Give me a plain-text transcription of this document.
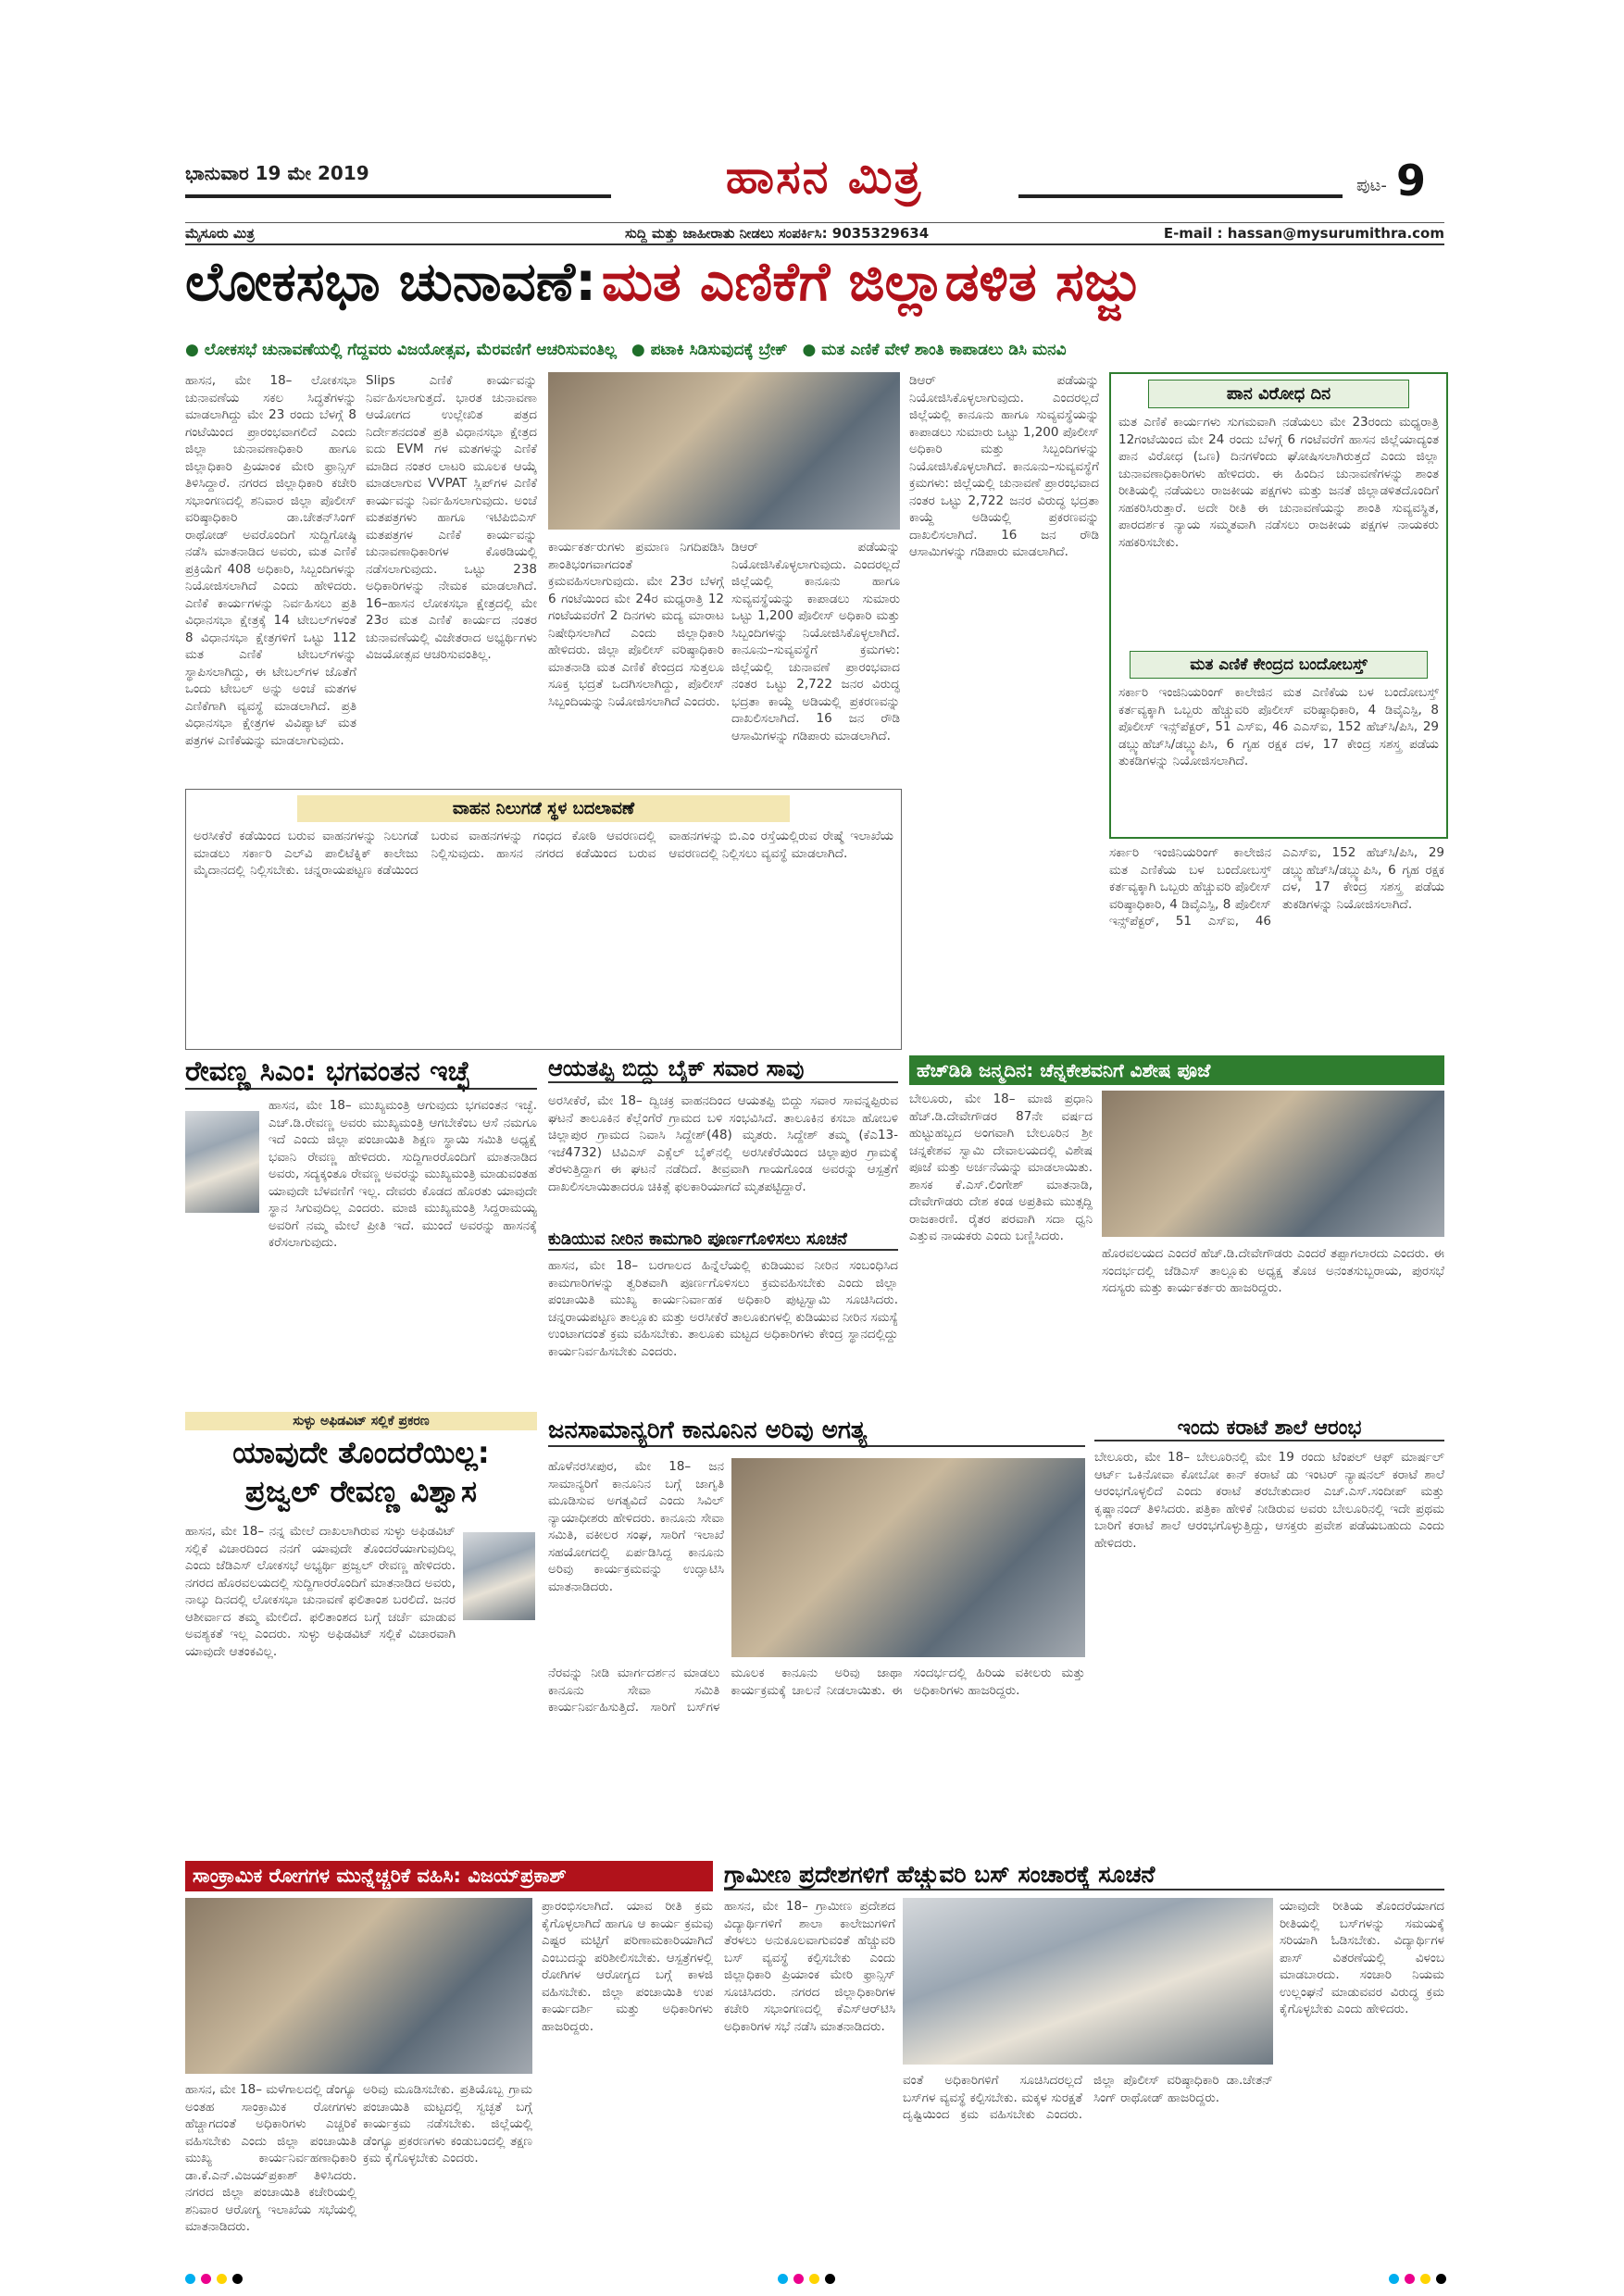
ಭಾನುವಾರ 19 ಮೇ 2019	ಹಾಸನ ಮಿತ್ರ	ಪುಟ- 9
ಮೈಸೂರು ಮಿತ್ರ	ಸುದ್ದಿ ಮತ್ತು ಜಾಹೀರಾತು ನೀಡಲು ಸಂಪರ್ಕಿಸಿ: 9035329634	E-mail : hassan@mysurumithra.com
ಲೋಕಸಭಾ ಚುನಾವಣೆ: ಮತ ಎಣಿಕೆಗೆ ಜಿಲ್ಲಾಡಳಿತ ಸಜ್ಜು
● ಲೋಕಸಭೆ ಚುನಾವಣೆಯಲ್ಲಿ ಗೆದ್ದವರು ವಿಜಯೋತ್ಸವ, ಮೆರವಣಿಗೆ ಆಚರಿಸುವಂತಿಲ್ಲ ● ಪಟಾಕಿ ಸಿಡಿಸುವುದಕ್ಕೆ ಬ್ರೇಕ್ ● ಮತ ಎಣಿಕೆ ವೇಳೆ ಶಾಂತಿ ಕಾಪಾಡಲು ಡಿಸಿ ಮನವಿ
ಹಾಸನ, ಮೇ 18– ಲೋಕಸಭಾ ಚುನಾವಣೆಯ ಸಕಲ ಸಿದ್ಧತೆಗಳನ್ನು ಮಾಡಲಾಗಿದ್ದು ಮೇ 23 ರಂದು ಬೆಳಗ್ಗೆ 8 ಗಂಟೆಯಿಂದ ಪ್ರಾರಂಭವಾಗಲಿದೆ ಎಂದು ಜಿಲ್ಲಾ ಚುನಾವಣಾಧಿಕಾರಿ ಹಾಗೂ ಜಿಲ್ಲಾಧಿಕಾರಿ ಪ್ರಿಯಾಂಕ ಮೇರಿ ಫ್ರಾನ್ಸಿಸ್ ತಿಳಿಸಿದ್ದಾರೆ. ನಗರದ ಜಿಲ್ಲಾಧಿಕಾರಿ ಕಚೇರಿ ಸಭಾಂಗಣದಲ್ಲಿ ಶನಿವಾರ ಜಿಲ್ಲಾ ಪೊಲೀಸ್ ವರಿಷ್ಠಾಧಿಕಾರಿ ಡಾ.ಚೇತನ್‌ಸಿಂಗ್ ರಾಥೋಡ್ ಅವರೊಂದಿಗೆ ಸುದ್ದಿಗೋಷ್ಠಿ ನಡೆಸಿ ಮಾತನಾಡಿದ ಅವರು, ಮತ ಎಣಿಕೆ ಪ್ರಕ್ರಿಯೆಗೆ 408 ಅಧಿಕಾರಿ, ಸಿಬ್ಬಂದಿಗಳನ್ನು ನಿಯೋಜಿಸಲಾಗಿದೆ ಎಂದು ಹೇಳಿದರು. ಎಣಿಕೆ ಕಾರ್ಯಗಳನ್ನು ನಿರ್ವಹಿಸಲು ಪ್ರತಿ ವಿಧಾನಸಭಾ ಕ್ಷೇತ್ರಕ್ಕೆ 14 ಟೇಬಲ್‌ಗಳಂತೆ 8 ವಿಧಾನಸಭಾ ಕ್ಷೇತ್ರಗಳಿಗೆ ಒಟ್ಟು 112 ಮತ ಎಣಿಕೆ ಟೇಬಲ್‌ಗಳನ್ನು ಸ್ಥಾಪಿಸಲಾಗಿದ್ದು, ಈ ಟೇಬಲ್‌ಗಳ ಜೊತೆಗೆ ಒಂದು ಟೇಬಲ್ ಅನ್ನು ಅಂಚೆ ಮತಗಳ ಎಣಿಕೆಗಾಗಿ ವ್ಯವಸ್ಥೆ ಮಾಡಲಾಗಿದೆ. ಪ್ರತಿ ವಿಧಾನಸಭಾ ಕ್ಷೇತ್ರಗಳ ವಿವಿಪ್ಯಾಟ್ ಮತ ಪತ್ರಗಳ ಎಣಿಕೆಯನ್ನು ಮಾಡಲಾಗುವುದು.
Slips ಎಣಿಕೆ ಕಾರ್ಯವನ್ನು ನಿರ್ವಹಿಸಲಾಗುತ್ತದೆ. ಭಾರತ ಚುನಾವಣಾ ಆಯೋಗದ ಉಲ್ಲೇಖಿತ ಪತ್ರದ ನಿರ್ದೇಶನದಂತೆ ಪ್ರತಿ ವಿಧಾನಸಭಾ ಕ್ಷೇತ್ರದ ಐದು EVM ಗಳ ಮತಗಳನ್ನು ಎಣಿಕೆ ಮಾಡಿದ ನಂತರ ಲಾಟರಿ ಮೂಲಕ ಆಯ್ಕೆ ಮಾಡಲಾಗುವ VVPAT ಸ್ಲಿಪ್‌ಗಳ ಎಣಿಕೆ ಕಾರ್ಯವನ್ನು ನಿರ್ವಹಿಸಲಾಗುವುದು. ಅಂಚೆ ಮತಪತ್ರಗಳು ಹಾಗೂ ಇಟಿಪಿಬಿಎಸ್ ಮತಪತ್ರಗಳ ಎಣಿಕೆ ಕಾರ್ಯವನ್ನು ಚುನಾವಣಾಧಿಕಾರಿಗಳ ಕೊಠಡಿಯಲ್ಲಿ ನಡೆಸಲಾಗುವುದು. ಒಟ್ಟು 238 ಅಧಿಕಾರಿಗಳನ್ನು ನೇಮಕ ಮಾಡಲಾಗಿದೆ. 16–ಹಾಸನ ಲೋಕಸಭಾ ಕ್ಷೇತ್ರದಲ್ಲಿ ಮೇ 23ರ ಮತ ಎಣಿಕೆ ಕಾರ್ಯದ ನಂತರ ಚುನಾವಣೆಯಲ್ಲಿ ವಿಜೇತರಾದ ಅಭ್ಯರ್ಥಿಗಳು ವಿಜಯೋತ್ಸವ ಆಚರಿಸುವಂತಿಲ್ಲ.
ಕಾರ್ಯಕರ್ತರುಗಳು ಪ್ರಮಾಣ ನಿಗದಿಪಡಿಸಿ ಶಾಂತಿಭಂಗವಾಗದಂತೆ ಕ್ರಮವಹಿಸಲಾಗುವುದು. ಮೇ 23ರ ಬೆಳಗ್ಗೆ 6 ಗಂಟೆಯಿಂದ ಮೇ 24ರ ಮಧ್ಯರಾತ್ರಿ 12 ಗಂಟೆಯವರೆಗೆ 2 ದಿನಗಳು ಮದ್ಯ ಮಾರಾಟ ನಿಷೇಧಿಸಲಾಗಿದೆ ಎಂದು ಜಿಲ್ಲಾಧಿಕಾರಿ ಹೇಳಿದರು. ಜಿಲ್ಲಾ ಪೊಲೀಸ್ ವರಿಷ್ಠಾಧಿಕಾರಿ ಮಾತನಾಡಿ ಮತ ಎಣಿಕೆ ಕೇಂದ್ರದ ಸುತ್ತಲೂ ಸೂಕ್ತ ಭದ್ರತೆ ಒದಗಿಸಲಾಗಿದ್ದು, ಪೊಲೀಸ್ ಸಿಬ್ಬಂದಿಯನ್ನು ನಿಯೋಜಿಸಲಾಗಿದೆ ಎಂದರು.
ಡಿಆರ್ ಪಡೆಯನ್ನು ನಿಯೋಜಿಸಿಕೊಳ್ಳಲಾಗುವುದು. ಎಂದರಲ್ಲದೆ ಜಿಲ್ಲೆಯಲ್ಲಿ ಕಾನೂನು ಹಾಗೂ ಸುವ್ಯವಸ್ಥೆಯನ್ನು ಕಾಪಾಡಲು ಸುಮಾರು ಒಟ್ಟು 1,200 ಪೊಲೀಸ್ ಅಧಿಕಾರಿ ಮತ್ತು ಸಿಬ್ಬಂದಿಗಳನ್ನು ನಿಯೋಜಿಸಿಕೊಳ್ಳಲಾಗಿದೆ. ಕಾನೂನು–ಸುವ್ಯವಸ್ಥೆಗೆ ಕ್ರಮಗಳು: ಜಿಲ್ಲೆಯಲ್ಲಿ ಚುನಾವಣೆ ಪ್ರಾರಂಭವಾದ ನಂತರ ಒಟ್ಟು 2,722 ಜನರ ವಿರುದ್ಧ ಭದ್ರತಾ ಕಾಯ್ದೆ ಅಡಿಯಲ್ಲಿ ಪ್ರಕರಣವನ್ನು ದಾಖಲಿಸಲಾಗಿದೆ. 16 ಜನ ರೌಡಿ ಆಸಾಮಿಗಳನ್ನು ಗಡಿಪಾರು ಮಾಡಲಾಗಿದೆ.
ಡಿಆರ್ ಪಡೆಯನ್ನು ನಿಯೋಜಿಸಿಕೊಳ್ಳಲಾಗುವುದು. ಎಂದರಲ್ಲದೆ ಜಿಲ್ಲೆಯಲ್ಲಿ ಕಾನೂನು ಹಾಗೂ ಸುವ್ಯವಸ್ಥೆಯನ್ನು ಕಾಪಾಡಲು ಸುಮಾರು ಒಟ್ಟು 1,200 ಪೊಲೀಸ್ ಅಧಿಕಾರಿ ಮತ್ತು ಸಿಬ್ಬಂದಿಗಳನ್ನು ನಿಯೋಜಿಸಿಕೊಳ್ಳಲಾಗಿದೆ. ಕಾನೂನು–ಸುವ್ಯವಸ್ಥೆಗೆ ಕ್ರಮಗಳು: ಜಿಲ್ಲೆಯಲ್ಲಿ ಚುನಾವಣೆ ಪ್ರಾರಂಭವಾದ ನಂತರ ಒಟ್ಟು 2,722 ಜನರ ವಿರುದ್ಧ ಭದ್ರತಾ ಕಾಯ್ದೆ ಅಡಿಯಲ್ಲಿ ಪ್ರಕರಣವನ್ನು ದಾಖಲಿಸಲಾಗಿದೆ. 16 ಜನ ರೌಡಿ ಆಸಾಮಿಗಳನ್ನು ಗಡಿಪಾರು ಮಾಡಲಾಗಿದೆ.
ಪಾನ ವಿರೋಧ ದಿನ
ಮತ ಎಣಿಕೆ ಕಾರ್ಯಗಳು ಸುಗಮವಾಗಿ ನಡೆಯಲು ಮೇ 23ರಂದು ಮಧ್ಯರಾತ್ರಿ 12ಗಂಟೆಯಿಂದ ಮೇ 24 ರಂದು ಬೆಳಗ್ಗೆ 6 ಗಂಟೆವರೆಗೆ ಹಾಸನ ಜಿಲ್ಲೆಯಾದ್ಯಂತ ಪಾನ ವಿರೋಧ (ಒಣ) ದಿನಗಳೆಂದು ಘೋಷಿಸಲಾಗಿರುತ್ತದೆ ಎಂದು ಜಿಲ್ಲಾ ಚುನಾವಣಾಧಿಕಾರಿಗಳು ಹೇಳಿದರು. ಈ ಹಿಂದಿನ ಚುನಾವಣೆಗಳನ್ನು ಶಾಂತ ರೀತಿಯಲ್ಲಿ ನಡೆಯಲು ರಾಜಕೀಯ ಪಕ್ಷಗಳು ಮತ್ತು ಜನತೆ ಜಿಲ್ಲಾಡಳಿತದೊಂದಿಗೆ ಸಹಕರಿಸಿರುತ್ತಾರೆ. ಅದೇ ರೀತಿ ಈ ಚುನಾವಣೆಯನ್ನು ಶಾಂತಿ ಸುವ್ಯವಸ್ಥಿತ, ಪಾರದರ್ಶಕ ನ್ಯಾಯ ಸಮ್ಮತವಾಗಿ ನಡೆಸಲು ರಾಜಕೀಯ ಪಕ್ಷಗಳ ನಾಯಕರು ಸಹಕರಿಸಬೇಕು.
ಮತ ಎಣಿಕೆ ಕೇಂದ್ರದ ಬಂದೋಬಸ್ತ್
ಸರ್ಕಾರಿ ಇಂಜಿನಿಯರಿಂಗ್ ಕಾಲೇಜಿನ ಮತ ಎಣಿಕೆಯ ಬಳ ಬಂದೋಬಸ್ತ್ ಕರ್ತವ್ಯಕ್ಕಾಗಿ ಒಬ್ಬರು ಹೆಚ್ಚುವರಿ ಪೊಲೀಸ್ ವರಿಷ್ಠಾಧಿಕಾರಿ, 4 ಡಿವೈಎಸ್ಪಿ, 8 ಪೊಲೀಸ್ ಇನ್ಸ್‌ಪೆಕ್ಟರ್, 51 ಎಸ್ಐ, 46 ಎಎಸ್ಐ, 152 ಹೆಚ್‌ಸಿ/ಪಿಸಿ, 29 ಡಬ್ಲ್ಯುಹೆಚ್‌ಸಿ/ಡಬ್ಲ್ಯುಪಿಸಿ, 6 ಗೃಹ ರಕ್ಷಕ ದಳ, 17 ಕೇಂದ್ರ ಸಶಸ್ತ್ರ ಪಡೆಯ ತುಕಡಿಗಳನ್ನು ನಿಯೋಜಿಸಲಾಗಿದೆ.
ವಾಹನ ನಿಲುಗಡೆ ಸ್ಥಳ ಬದಲಾವಣೆ
ಅರಸೀಕೆರೆ ಕಡೆಯಿಂದ ಬರುವ ವಾಹನಗಳನ್ನು ನಿಲುಗಡೆ ಮಾಡಲು ಸರ್ಕಾರಿ ಎಲ್‌ವಿ ಪಾಲಿಟೆಕ್ನಿಕ್ ಕಾಲೇಜು ಮೈದಾನದಲ್ಲಿ ನಿಲ್ಲಿಸಬೇಕು. ಚನ್ನರಾಯಪಟ್ಟಣ ಕಡೆಯಿಂದ ಬರುವ ವಾಹನಗಳನ್ನು ಗಂಧದ ಕೋಠಿ ಆವರಣದಲ್ಲಿ ನಿಲ್ಲಿಸುವುದು. ಹಾಸನ ನಗರದ ಕಡೆಯಿಂದ ಬರುವ ವಾಹನಗಳನ್ನು ಬಿ.ಎಂ ರಸ್ತೆಯಲ್ಲಿರುವ ರೇಷ್ಮೆ ಇಲಾಖೆಯ ಆವರಣದಲ್ಲಿ ನಿಲ್ಲಿಸಲು ವ್ಯವಸ್ಥೆ ಮಾಡಲಾಗಿದೆ.	ಸರ್ಕಾರಿ ಇಂಜಿನಿಯರಿಂಗ್ ಕಾಲೇಜಿನ ಮತ ಎಣಿಕೆಯ ಬಳ ಬಂದೋಬಸ್ತ್ ಕರ್ತವ್ಯಕ್ಕಾಗಿ ಒಬ್ಬರು ಹೆಚ್ಚುವರಿ ಪೊಲೀಸ್ ವರಿಷ್ಠಾಧಿಕಾರಿ, 4 ಡಿವೈಎಸ್ಪಿ, 8 ಪೊಲೀಸ್ ಇನ್ಸ್‌ಪೆಕ್ಟರ್, 51 ಎಸ್ಐ, 46 ಎಎಸ್ಐ, 152 ಹೆಚ್‌ಸಿ/ಪಿಸಿ, 29 ಡಬ್ಲ್ಯುಹೆಚ್‌ಸಿ/ಡಬ್ಲ್ಯುಪಿಸಿ, 6 ಗೃಹ ರಕ್ಷಕ ದಳ, 17 ಕೇಂದ್ರ ಸಶಸ್ತ್ರ ಪಡೆಯ ತುಕಡಿಗಳನ್ನು ನಿಯೋಜಿಸಲಾಗಿದೆ.
ರೇವಣ್ಣ ಸಿಎಂ: ಭಗವಂತನ ಇಚ್ಛೆ
ಹಾಸನ, ಮೇ 18– ಮುಖ್ಯಮಂತ್ರಿ ಆಗುವುದು ಭಗವಂತನ ಇಚ್ಛೆ. ಎಚ್.ಡಿ.ರೇವಣ್ಣ ಅವರು ಮುಖ್ಯಮಂತ್ರಿ ಆಗಬೇಕೆಂಬ ಆಸೆ ನಮಗೂ ಇದೆ ಎಂದು ಜಿಲ್ಲಾ ಪಂಚಾಯಿತಿ ಶಿಕ್ಷಣ ಸ್ಥಾಯಿ ಸಮಿತಿ ಅಧ್ಯಕ್ಷೆ ಭವಾನಿ ರೇವಣ್ಣ ಹೇಳಿದರು. ಸುದ್ದಿಗಾರರೊಂದಿಗೆ ಮಾತನಾಡಿದ ಅವರು, ಸದ್ಯಕ್ಕಂತೂ ರೇವಣ್ಣ ಅವರನ್ನು ಮುಖ್ಯಮಂತ್ರಿ ಮಾಡುವಂತಹ ಯಾವುದೇ ಬೆಳವಣಿಗೆ ಇಲ್ಲ. ದೇವರು ಕೊಡದ ಹೊರತು ಯಾವುದೇ ಸ್ಥಾನ ಸಿಗುವುದಿಲ್ಲ ಎಂದರು. ಮಾಜಿ ಮುಖ್ಯಮಂತ್ರಿ ಸಿದ್ದರಾಮಯ್ಯ ಅವರಿಗೆ ನಮ್ಮ ಮೇಲೆ ಪ್ರೀತಿ ಇದೆ. ಮುಂದೆ ಅವರನ್ನು ಹಾಸನಕ್ಕೆ ಕರೆಸಲಾಗುವುದು.
ಸುಳ್ಳು ಅಫಿಡವಿಟ್ ಸಲ್ಲಿಕೆ ಪ್ರಕರಣ
ಯಾವುದೇ ತೊಂದರೆಯಿಲ್ಲ:
ಪ್ರಜ್ವಲ್ ರೇವಣ್ಣ ವಿಶ್ವಾಸ
ಹಾಸನ, ಮೇ 18– ನನ್ನ ಮೇಲೆ ದಾಖಲಾಗಿರುವ ಸುಳ್ಳು ಅಫಿಡವಿಟ್ ಸಲ್ಲಿಕೆ ವಿಚಾರದಿಂದ ನನಗೆ ಯಾವುದೇ ತೊಂದರೆಯಾಗುವುದಿಲ್ಲ ಎಂದು ಜೆಡಿಎಸ್ ಲೋಕಸಭೆ ಅಭ್ಯರ್ಥಿ ಪ್ರಜ್ವಲ್ ರೇವಣ್ಣ ಹೇಳಿದರು. ನಗರದ ಹೊರವಲಯದಲ್ಲಿ ಸುದ್ದಿಗಾರರೊಂದಿಗೆ ಮಾತನಾಡಿದ ಅವರು, ನಾಲ್ಕು ದಿನದಲ್ಲಿ ಲೋಕಸಭಾ ಚುನಾವಣೆ ಫಲಿತಾಂಶ ಬರಲಿದೆ. ಜನರ ಆಶೀರ್ವಾದ ತಮ್ಮ ಮೇಲಿದೆ. ಫಲಿತಾಂಶದ ಬಗ್ಗೆ ಚರ್ಚೆ ಮಾಡುವ ಅವಶ್ಯಕತೆ ಇಲ್ಲ ಎಂದರು. ಸುಳ್ಳು ಅಫಿಡವಿಟ್ ಸಲ್ಲಿಕೆ ವಿಚಾರವಾಗಿ ಯಾವುದೇ ಆತಂಕವಿಲ್ಲ.
ಆಯತಪ್ಪಿ ಬಿದ್ದು ಬೈಕ್ ಸವಾರ ಸಾವು
ಅರಸೀಕೆರೆ, ಮೇ 18– ದ್ವಿಚಕ್ರ ವಾಹನದಿಂದ ಆಯತಪ್ಪಿ ಬಿದ್ದು ಸವಾರ ಸಾವನ್ನಪ್ಪಿರುವ ಘಟನೆ ತಾಲೂಕಿನ ಕೆಲ್ಲೆಂಗೆರೆ ಗ್ರಾಮದ ಬಳಿ ಸಂಭವಿಸಿದೆ. ತಾಲೂಕಿನ ಕಸಬಾ ಹೋಬಳಿ ಚಿಲ್ಲಾಪುರ ಗ್ರಾಮದ ನಿವಾಸಿ ಸಿದ್ದೇಶ್(48) ಮೃತರು. ಸಿದ್ದೇಶ್ ತಮ್ಮ (ಕೆಎ13-ಇಜೆ4732) ಟಿವಿಎಸ್ ಎಕ್ಸೆಲ್ ಬೈಕ್‌ನಲ್ಲಿ ಅರಸೀಕೆರೆಯಿಂದ ಚಿಲ್ಲಾಪುರ ಗ್ರಾಮಕ್ಕೆ ತೆರಳುತ್ತಿದ್ದಾಗ ಈ ಘಟನೆ ನಡೆದಿದೆ. ತೀವ್ರವಾಗಿ ಗಾಯಗೊಂಡ ಅವರನ್ನು ಆಸ್ಪತ್ರೆಗೆ ದಾಖಲಿಸಲಾಯಿತಾದರೂ ಚಿಕಿತ್ಸೆ ಫಲಕಾರಿಯಾಗದೆ ಮೃತಪಟ್ಟಿದ್ದಾರೆ.
ಕುಡಿಯುವ ನೀರಿನ ಕಾಮಗಾರಿ ಪೂರ್ಣಗೊಳಿಸಲು ಸೂಚನೆ
ಹಾಸನ, ಮೇ 18– ಬರಗಾಲದ ಹಿನ್ನೆಲೆಯಲ್ಲಿ ಕುಡಿಯುವ ನೀರಿನ ಸಂಬಂಧಿಸಿದ ಕಾಮಗಾರಿಗಳನ್ನು ತ್ವರಿತವಾಗಿ ಪೂರ್ಣಗೊಳಿಸಲು ಕ್ರಮವಹಿಸಬೇಕು ಎಂದು ಜಿಲ್ಲಾ ಪಂಚಾಯಿತಿ ಮುಖ್ಯ ಕಾರ್ಯನಿರ್ವಾಹಕ ಅಧಿಕಾರಿ ಪುಟ್ಟಸ್ವಾಮಿ ಸೂಚಿಸಿದರು. ಚನ್ನರಾಯಪಟ್ಟಣ ತಾಲ್ಲೂಕು ಮತ್ತು ಅರಸೀಕೆರೆ ತಾಲೂಕುಗಳಲ್ಲಿ ಕುಡಿಯುವ ನೀರಿನ ಸಮಸ್ಯೆ ಉಂಟಾಗದಂತೆ ಕ್ರಮ ವಹಿಸಬೇಕು. ತಾಲೂಕು ಮಟ್ಟದ ಅಧಿಕಾರಿಗಳು ಕೇಂದ್ರ ಸ್ಥಾನದಲ್ಲಿದ್ದು ಕಾರ್ಯನಿರ್ವಹಿಸಬೇಕು ಎಂದರು.
ಜನಸಾಮಾನ್ಯರಿಗೆ ಕಾನೂನಿನ ಅರಿವು ಅಗತ್ಯ
ಹೊಳೆನರಸೀಪುರ, ಮೇ 18– ಜನ ಸಾಮಾನ್ಯರಿಗೆ ಕಾನೂನಿನ ಬಗ್ಗೆ ಜಾಗೃತಿ ಮೂಡಿಸುವ ಅಗತ್ಯವಿದೆ ಎಂದು ಸಿವಿಲ್ ನ್ಯಾಯಾಧೀಶರು ಹೇಳಿದರು. ಕಾನೂನು ಸೇವಾ ಸಮಿತಿ, ವಕೀಲರ ಸಂಘ, ಸಾರಿಗೆ ಇಲಾಖೆ ಸಹಯೋಗದಲ್ಲಿ ಏರ್ಪಡಿಸಿದ್ದ ಕಾನೂನು ಅರಿವು ಕಾರ್ಯಕ್ರಮವನ್ನು ಉದ್ಘಾಟಿಸಿ ಮಾತನಾಡಿದರು.
ನೆರವನ್ನು ನೀಡಿ ಮಾರ್ಗದರ್ಶನ ಮಾಡಲು ಕಾನೂನು ಸೇವಾ ಸಮಿತಿ ಕಾರ್ಯನಿರ್ವಹಿಸುತ್ತಿದೆ. ಸಾರಿಗೆ ಬಸ್‌ಗಳ ಮೂಲಕ ಕಾನೂನು ಅರಿವು ಜಾಥಾ ಕಾರ್ಯಕ್ರಮಕ್ಕೆ ಚಾಲನೆ ನೀಡಲಾಯಿತು. ಈ ಸಂದರ್ಭದಲ್ಲಿ ಹಿರಿಯ ವಕೀಲರು ಮತ್ತು ಅಧಿಕಾರಿಗಳು ಹಾಜರಿದ್ದರು.
ಹೆಚ್‌ಡಿಡಿ ಜನ್ಮದಿನ: ಚೆನ್ನಕೇಶವನಿಗೆ ವಿಶೇಷ ಪೂಜೆ
ಬೇಲೂರು, ಮೇ 18– ಮಾಜಿ ಪ್ರಧಾನಿ ಹೆಚ್.ಡಿ.ದೇವೇಗೌಡರ 87ನೇ ವರ್ಷದ ಹುಟ್ಟುಹಬ್ಬದ ಅಂಗವಾಗಿ ಬೇಲೂರಿನ ಶ್ರೀ ಚನ್ನಕೇಶವ ಸ್ವಾಮಿ ದೇವಾಲಯದಲ್ಲಿ ವಿಶೇಷ ಪೂಜೆ ಮತ್ತು ಅರ್ಚನೆಯನ್ನು ಮಾಡಲಾಯಿತು. ಶಾಸಕ ಕೆ.ಎಸ್.ಲಿಂಗೇಶ್ ಮಾತನಾಡಿ, ದೇವೇಗೌಡರು ದೇಶ ಕಂಡ ಅಪ್ರತಿಮ ಮುತ್ಸದ್ದಿ ರಾಜಕಾರಣಿ. ರೈತರ ಪರವಾಗಿ ಸದಾ ಧ್ವನಿ ಎತ್ತುವ ನಾಯಕರು ಎಂದು ಬಣ್ಣಿಸಿದರು.
ಹೊರವಲಯದ ಎಂದರೆ ಹೆಚ್.ಡಿ.ದೇವೇಗೌಡರು ಎಂದರೆ ತಪ್ಪಾಗಲಾರದು ಎಂದರು. ಈ ಸಂದರ್ಭದಲ್ಲಿ ಜೆಡಿಎಸ್ ತಾಲ್ಲೂಕು ಅಧ್ಯಕ್ಷ ತೊಚ ಅನಂತಸುಬ್ಬರಾಯ, ಪುರಸಭೆ ಸದಸ್ಯರು ಮತ್ತು ಕಾರ್ಯಕರ್ತರು ಹಾಜರಿದ್ದರು.
ಇಂದು ಕರಾಟೆ ಶಾಲೆ ಆರಂಭ
ಬೇಲೂರು, ಮೇ 18– ಬೇಲೂರಿನಲ್ಲಿ ಮೇ 19 ರಂದು ಟೆಂಪಲ್ ಆಫ್ ಮಾರ್ಷಲ್ ಆರ್ಟ್ ಒಕಿನೋವಾ ಕೋಬೋ ಕಾನ್ ಕರಾಟೆ ಡು ಇಂಟರ್ ನ್ಯಾಷನಲ್ ಕರಾಟೆ ಶಾಲೆ ಆರಂಭಗೊಳ್ಳಲಿದೆ ಎಂದು ಕರಾಟೆ ತರಬೇತುದಾರ ಎಚ್.ಎಸ್.ಸಂದೀಪ್ ಮತ್ತು ಕೃಷ್ಣಾನಂದ್ ತಿಳಿಸಿದರು. ಪತ್ರಿಕಾ ಹೇಳಿಕೆ ನೀಡಿರುವ ಅವರು ಬೇಲೂರಿನಲ್ಲಿ ಇದೇ ಪ್ರಥಮ ಬಾರಿಗೆ ಕರಾಟೆ ಶಾಲೆ ಆರಂಭಗೊಳ್ಳುತ್ತಿದ್ದು, ಆಸಕ್ತರು ಪ್ರವೇಶ ಪಡೆಯಬಹುದು ಎಂದು ಹೇಳಿದರು.
ಸಾಂಕ್ರಾಮಿಕ ರೋಗಗಳ ಮುನ್ನೆಚ್ಚರಿಕೆ ವಹಿಸಿ: ವಿಜಯ್‌ಪ್ರಕಾಶ್
ಹಾಸನ, ಮೇ 18– ಮಳೆಗಾಲದಲ್ಲಿ ಡೆಂಗ್ಯೂ ಅಂತಹ ಸಾಂಕ್ರಾಮಿಕ ರೋಗಗಳು ಹೆಚ್ಚಾಗದಂತೆ ಅಧಿಕಾರಿಗಳು ಎಚ್ಚರಿಕೆ ವಹಿಸಬೇಕು ಎಂದು ಜಿಲ್ಲಾ ಪಂಚಾಯಿತಿ ಮುಖ್ಯ ಕಾರ್ಯನಿರ್ವಹಣಾಧಿಕಾರಿ ಡಾ.ಕೆ.ಎನ್.ವಿಜಯ್‌ಪ್ರಕಾಶ್ ತಿಳಿಸಿದರು. ನಗರದ ಜಿಲ್ಲಾ ಪಂಚಾಯಿತಿ ಕಚೇರಿಯಲ್ಲಿ ಶನಿವಾರ ಆರೋಗ್ಯ ಇಲಾಖೆಯ ಸಭೆಯಲ್ಲಿ ಮಾತನಾಡಿದರು.
ಅರಿವು ಮೂಡಿಸಬೇಕು. ಪ್ರತಿಯೊಬ್ಬ ಗ್ರಾಮ ಪಂಚಾಯಿತಿ ಮಟ್ಟದಲ್ಲಿ ಸ್ವಚ್ಛತೆ ಬಗ್ಗೆ ಕಾರ್ಯಕ್ರಮ ನಡೆಸಬೇಕು. ಜಿಲ್ಲೆಯಲ್ಲಿ ಡೆಂಗ್ಯೂ ಪ್ರಕರಣಗಳು ಕಂಡುಬಂದಲ್ಲಿ ತಕ್ಷಣ ಕ್ರಮ ಕೈಗೊಳ್ಳಬೇಕು ಎಂದರು.
ಪ್ರಾರಂಭಿಸಲಾಗಿದೆ. ಯಾವ ರೀತಿ ಕ್ರಮ ಕೈಗೊಳ್ಳಲಾಗಿದೆ ಹಾಗೂ ಆ ಕಾರ್ಯ ಕ್ರಮವು ಎಷ್ಟರ ಮಟ್ಟಿಗೆ ಪರಿಣಾಮಕಾರಿಯಾಗಿದೆ ಎಂಬುದನ್ನು ಪರಿಶೀಲಿಸಬೇಕು. ಆಸ್ಪತ್ರೆಗಳಲ್ಲಿ ರೋಗಿಗಳ ಆರೋಗ್ಯದ ಬಗ್ಗೆ ಕಾಳಜಿ ವಹಿಸಬೇಕು. ಜಿಲ್ಲಾ ಪಂಚಾಯಿತಿ ಉಪ ಕಾರ್ಯದರ್ಶಿ ಮತ್ತು ಅಧಿಕಾರಿಗಳು ಹಾಜರಿದ್ದರು.
ಗ್ರಾಮೀಣ ಪ್ರದೇಶಗಳಿಗೆ ಹೆಚ್ಚುವರಿ ಬಸ್ ಸಂಚಾರಕ್ಕೆ ಸೂಚನೆ
ಹಾಸನ, ಮೇ 18– ಗ್ರಾಮೀಣ ಪ್ರದೇಶದ ವಿದ್ಯಾರ್ಥಿಗಳಿಗೆ ಶಾಲಾ ಕಾಲೇಜುಗಳಿಗೆ ತೆರಳಲು ಅನುಕೂಲವಾಗುವಂತೆ ಹೆಚ್ಚುವರಿ ಬಸ್ ವ್ಯವಸ್ಥೆ ಕಲ್ಪಿಸಬೇಕು ಎಂದು ಜಿಲ್ಲಾಧಿಕಾರಿ ಪ್ರಿಯಾಂಕ ಮೇರಿ ಫ್ರಾನ್ಸಿಸ್ ಸೂಚಿಸಿದರು. ನಗರದ ಜಿಲ್ಲಾಧಿಕಾರಿಗಳ ಕಚೇರಿ ಸಭಾಂಗಣದಲ್ಲಿ ಕೆಎಸ್‌ಆರ್‌ಟಿಸಿ ಅಧಿಕಾರಿಗಳ ಸಭೆ ನಡೆಸಿ ಮಾತನಾಡಿದರು.
ವಂತೆ ಅಧಿಕಾರಿಗಳಿಗೆ ಸೂಚಿಸಿದರಲ್ಲದೆ ಬಸ್‌ಗಳ ವ್ಯವಸ್ಥೆ ಕಲ್ಪಿಸಬೇಕು. ಮಕ್ಕಳ ಸುರಕ್ಷತೆ ದೃಷ್ಟಿಯಿಂದ ಕ್ರಮ ವಹಿಸಬೇಕು ಎಂದರು. ಜಿಲ್ಲಾ ಪೊಲೀಸ್ ವರಿಷ್ಠಾಧಿಕಾರಿ ಡಾ.ಚೇತನ್ ಸಿಂಗ್ ರಾಥೋಡ್ ಹಾಜರಿದ್ದರು.
ಯಾವುದೇ ರೀತಿಯ ತೊಂದರೆಯಾಗದ ರೀತಿಯಲ್ಲಿ ಬಸ್‌ಗಳನ್ನು ಸಮಯಕ್ಕೆ ಸರಿಯಾಗಿ ಓಡಿಸಬೇಕು. ವಿದ್ಯಾರ್ಥಿಗಳ ಪಾಸ್ ವಿತರಣೆಯಲ್ಲಿ ವಿಳಂಬ ಮಾಡಬಾರದು. ಸಂಚಾರಿ ನಿಯಮ ಉಲ್ಲಂಘನೆ ಮಾಡುವವರ ವಿರುದ್ಧ ಕ್ರಮ ಕೈಗೊಳ್ಳಬೇಕು ಎಂದು ಹೇಳಿದರು.
